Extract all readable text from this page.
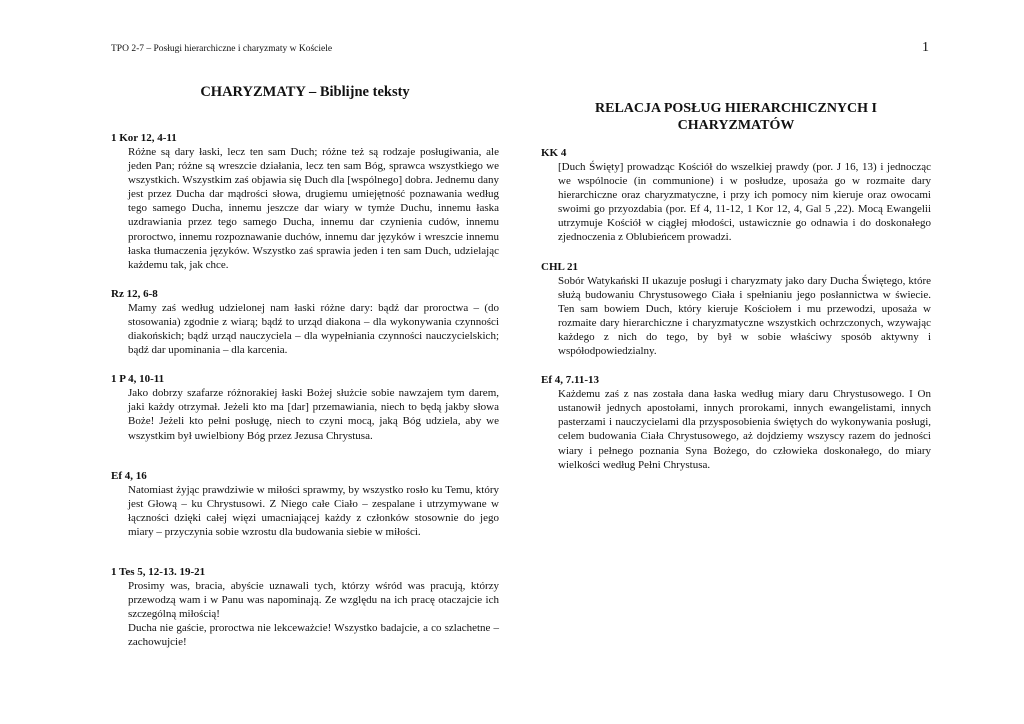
TPO 2-7 – Posługi hierarchiczne i charyzmaty w Kościele	1
CHARYZMATY – Biblijne teksty
1 Kor 12, 4-11

Różne są dary łaski, lecz ten sam Duch; różne też są rodzaje posługiwania, ale jeden Pan; różne są wreszcie działania, lecz ten sam Bóg, sprawca wszystkiego we wszystkich. Wszystkim zaś objawia się Duch dla [wspólnego] dobra. Jednemu dany jest przez Ducha dar mądrości słowa, drugiemu umiejętność poznawania według tego samego Ducha, innemu jeszcze dar wiary w tymże Duchu, innemu łaska uzdrawiania przez tego samego Ducha, innemu dar czynienia cudów, innemu proroctwo, innemu rozpoznawanie duchów, innemu dar języków i wreszcie innemu łaska tłumaczenia języków. Wszystko zaś sprawia jeden i ten sam Duch, udzielając każdemu tak, jak chce.

Rz 12, 6-8

Mamy zaś według udzielonej nam łaski różne dary: bądź dar proroctwa – (do stosowania) zgodnie z wiarą; bądź to urząd diakona – dla wykonywania czynności diakońskich; bądź urząd nauczyciela – dla wypełniania czynności nauczycielskich; bądź dar upominania – dla karcenia.

1 P 4, 10-11

Jako dobrzy szafarze różnorakiej łaski Bożej służcie sobie nawzajem tym darem, jaki każdy otrzymał. Jeżeli kto ma [dar] przemawiania, niech to będą jakby słowa Boże! Jeżeli kto pełni posługę, niech to czyni mocą, jaką Bóg udziela, aby we wszystkim był uwielbiony Bóg przez Jezusa Chrystusa.

Ef 4, 16

Natomiast żyjąc prawdziwie w miłości sprawmy, by wszystko rosło ku Temu, który jest Głową – ku Chrystusowi. Z Niego całe Ciało – zespalane i utrzymywane w łączności dzięki całej więzi umacniającej każdy z członków stosownie do jego miary – przyczynia sobie wzrostu dla budowania siebie w miłości.

1 Tes 5, 12-13. 19-21

Prosimy was, bracia, abyście uznawali tych, którzy wśród was pracują, którzy przewodzą wam i w Panu was napominają. Ze względu na ich pracę otaczajcie ich szczególną miłością!

Ducha nie gaście, proroctwa nie lekceważcie! Wszystko badajcie, a co szlachetne – zachowujcie!

RELACJA POSŁUG HIERARCHICZNYCH I CHARYZMATÓW
KK 4

[Duch Święty] prowadząc Kościół do wszelkiej prawdy (por. J 16, 13) i jednocząc we wspólnocie (in communione) i w posłudze, uposaża go w rozmaite dary hierarchiczne oraz charyzmatyczne, i przy ich pomocy nim kieruje oraz owocami swoimi go przyozdabia (por. Ef 4, 11-12, 1 Kor 12, 4, Gal 5 ,22). Mocą Ewangelii utrzymuje Kościół w ciągłej młodości, ustawicznie go odnawia i do doskonałego zjednoczenia z Oblubieńcem prowadzi.

CHL 21

Sobór Watykański II ukazuje posługi i charyzmaty jako dary Ducha Świętego, które służą budowaniu Chrystusowego Ciała i spełnianiu jego posłannictwa w świecie. Ten sam bowiem Duch, który kieruje Kościołem i mu przewodzi, uposaża w rozmaite dary hierarchiczne i charyzmatyczne wszystkich ochrzczonych, wzywając każdego z nich do tego, by był w sobie właściwy sposób aktywny i współodpowiedzialny.

Ef 4, 7.11-13

Każdemu zaś z nas została dana łaska według miary daru Chrystusowego. I On ustanowił jednych apostołami, innych prorokami, innych ewangelistami, innych pasterzami i nauczycielami dla przysposobienia świętych do wykonywania posługi, celem budowania Ciała Chrystusowego, aż dojdziemy wszyscy razem do jedności wiary i pełnego poznania Syna Bożego, do człowieka doskonałego, do miary wielkości według Pełni Chrystusa.
